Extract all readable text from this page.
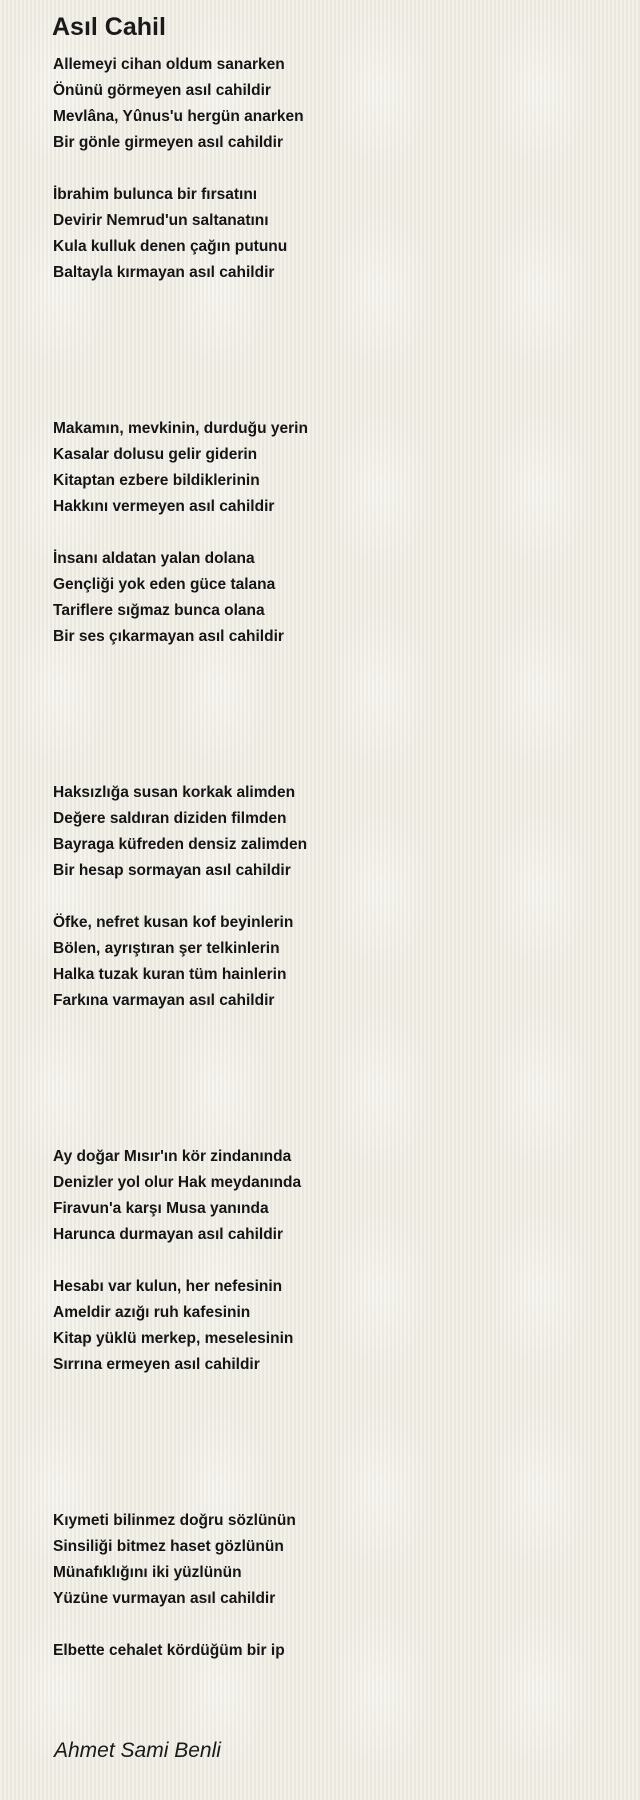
Asıl Cahil
Allemeyi cihan oldum sanarken
Önünü görmeyen asıl cahildir
Mevlâna, Yûnus'u hergün anarken
Bir gönle girmeyen asıl cahildir
İbrahim bulunca bir fırsatını
Devirir Nemrud'un saltanatını
Kula kulluk denen çağın putunu
Baltayla kırmayan asıl cahildir
Makamın, mevkinin, durduğu yerin
Kasalar dolusu gelir giderin
Kitaptan ezbere bildiklerinin
Hakkını vermeyen asıl cahildir
İnsanı aldatan yalan dolana
Gençliği yok eden güce talana
Tariflere sığmaz bunca olana
Bir ses çıkarmayan asıl cahildir
Haksızlığa susan korkak alimden
Değere saldıran diziden filmden
Bayraga küfreden densiz zalimden
Bir hesap sormayan asıl cahildir
Öfke, nefret kusan kof beyinlerin
Bölen, ayrıştıran şer telkinlerin
Halka tuzak kuran tüm hainlerin
Farkına varmayan asıl cahildir
Ay doğar Mısır'ın kör zindanında
Denizler yol olur Hak meydanında
Firavun'a karşı Musa yanında
Harunca durmayan asıl cahildir
Hesabı var kulun, her nefesinin
Ameldir azığı ruh kafesinin
Kitap yüklü merkep, meselesinin
Sırrına ermeyen asıl cahildir
Kıymeti bilinmez doğru sözlünün
Sinsiliği bitmez haset gözlünün
Münafıklığını iki yüzlünün
Yüzüne vurmayan asıl cahildir
Elbette cehalet kördüğüm bir ip

Ahmet Sami Benli
